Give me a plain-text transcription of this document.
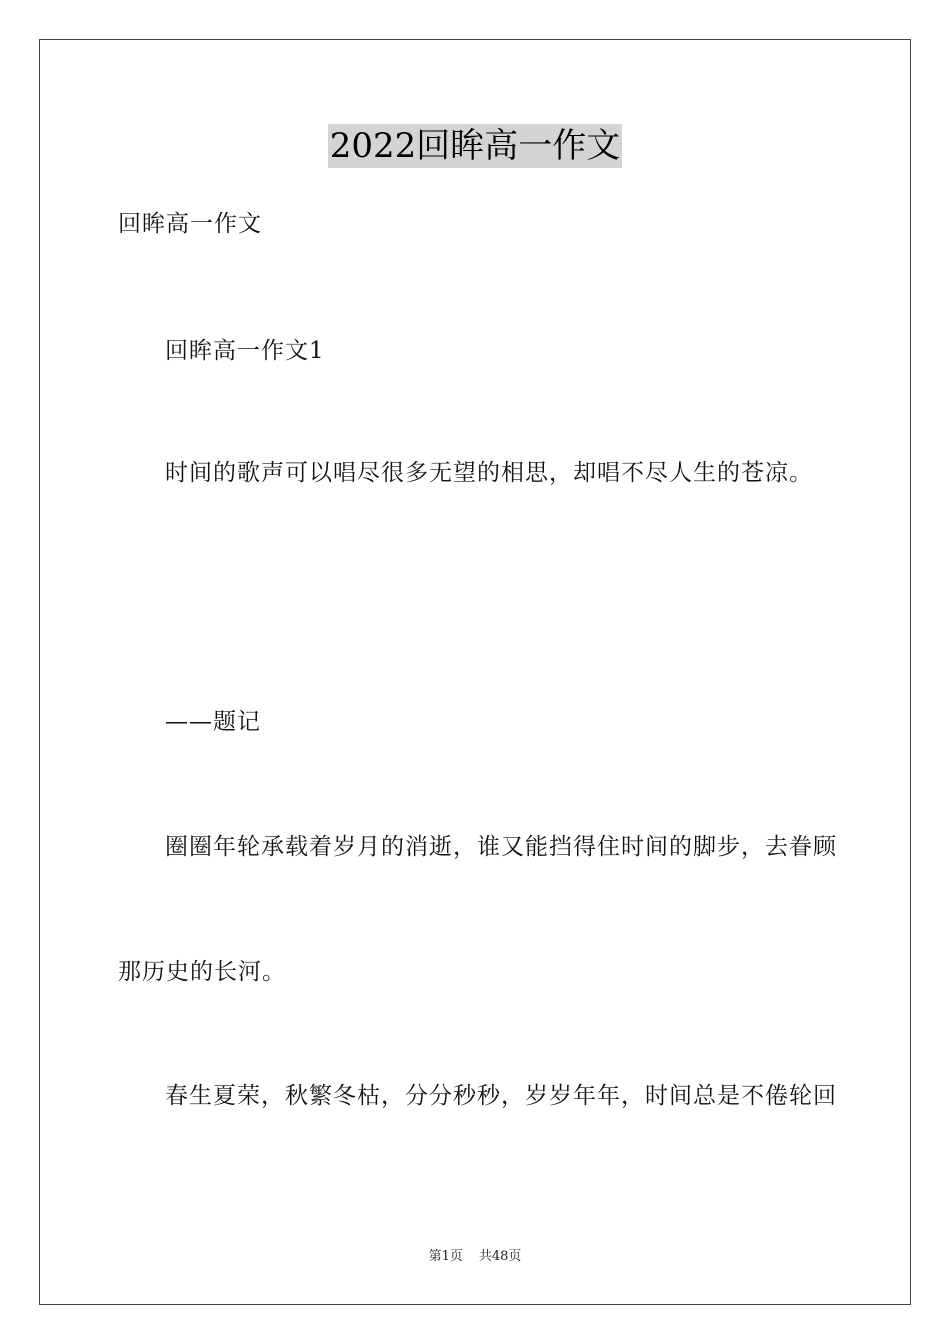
2022回眸高一作文
回眸高一作文
回眸高一作文1
时间的歌声可以唱尽很多无望的相思，却唱不尽人生的苍凉。
——题记
圈圈年轮承载着岁月的消逝，谁又能挡得住时间的脚步，去眷顾
那历史的长河。
春生夏荣，秋繁冬枯，分分秒秒，岁岁年年，时间总是不倦轮回
第1页 共48页
